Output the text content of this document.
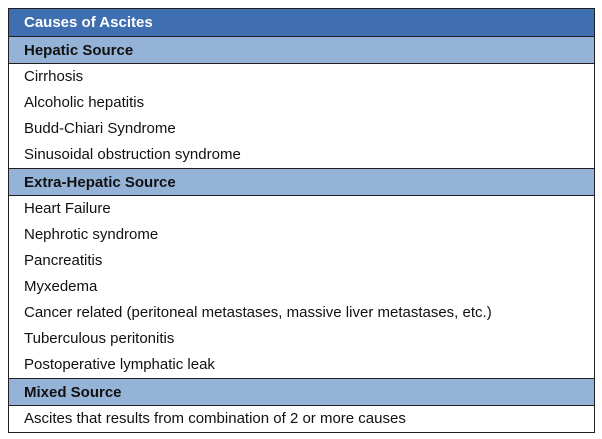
Causes of Ascites
Hepatic Source
Cirrhosis
Alcoholic hepatitis
Budd-Chiari Syndrome
Sinusoidal obstruction syndrome
Extra-Hepatic Source
Heart Failure
Nephrotic syndrome
Pancreatitis
Myxedema
Cancer related (peritoneal metastases, massive liver metastases, etc.)
Tuberculous peritonitis
Postoperative lymphatic leak
Mixed Source
Ascites that results from combination of 2 or more causes
